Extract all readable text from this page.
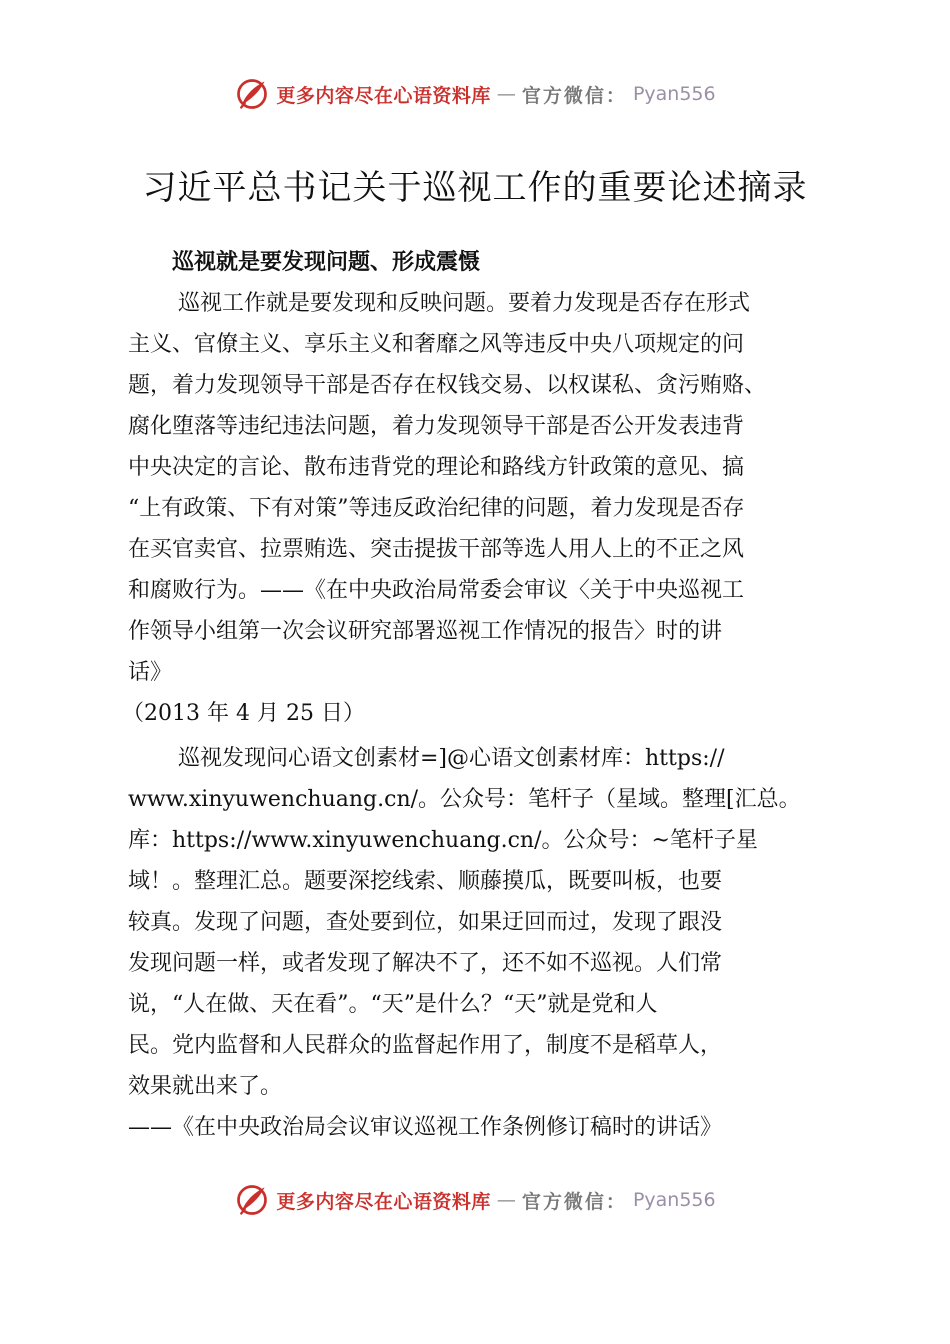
更多内容尽在心语资料库 — 官方微信： Pyan556
习近平总书记关于巡视工作的重要论述摘录

巡视就是要发现问题、形成震慑

巡视工作就是要发现和反映问题。要着力发现是否存在形式

主义、官僚主义、享乐主义和奢靡之风等违反中央八项规定的问

题，着力发现领导干部是否存在权钱交易、以权谋私、贪污贿赂、

腐化堕落等违纪违法问题，着力发现领导干部是否公开发表违背

中央决定的言论、散布违背党的理论和路线方针政策的意见、搞

“上有政策、下有对策”等违反政治纪律的问题，着力发现是否存

在买官卖官、拉票贿选、突击提拔干部等选人用人上的不正之风

和腐败行为。——《在中央政治局常委会审议〈关于中央巡视工

作领导小组第一次会议研究部署巡视工作情况的报告〉时的讲

话》

（2013 年 4 月 25 日）

巡视发现问心语文创素材=]@心语文创素材库：https://

www.xinyuwenchuang.cn/。公众号：笔杆子（星域。整理[汇总。

库：https://www.xinyuwenchuang.cn/。公众号：~笔杆子星

域！。整理汇总。题要深挖线索、顺藤摸瓜，既要叫板，也要

较真。发现了问题，查处要到位，如果迂回而过，发现了跟没

发现问题一样，或者发现了解决不了，还不如不巡视。人们常

说，“人在做、天在看”。“天”是什么？“天”就是党和人

民。党内监督和人民群众的监督起作用了，制度不是稻草人，

效果就出来了。

——《在中央政治局会议审议巡视工作条例修订稿时的讲话》

更多内容尽在心语资料库 — 官方微信： Pyan556
